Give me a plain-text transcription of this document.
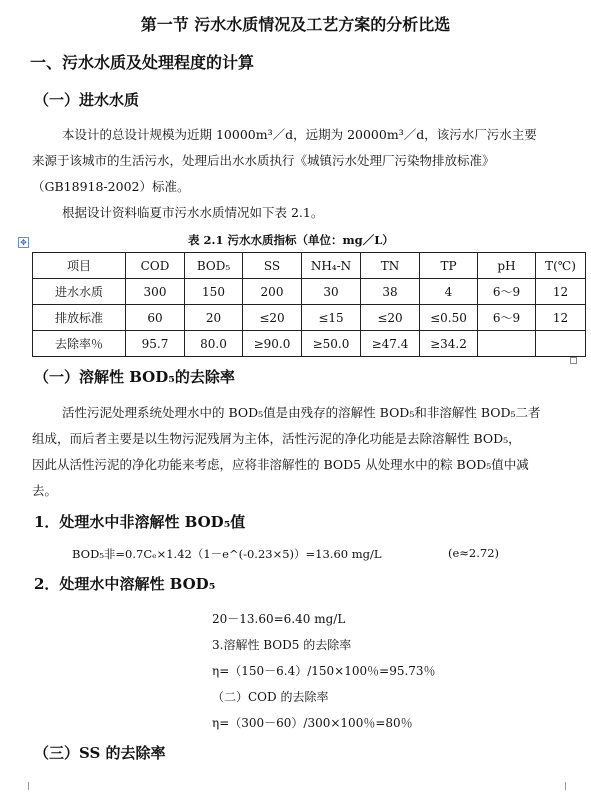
第一节 污水水质情况及工艺方案的分析比选
一、污水水质及处理程度的计算
（一）进水水质
本设计的总设计规模为近期 10000m³／d，远期为 20000m³／d，该污水厂污水主要
来源于该城市的生活污水，处理后出水水质执行《城镇污水处理厂污染物排放标准》
（GB18918-2002）标准。
根据设计资料临夏市污水水质情况如下表 2.1。
✥	表 2.1 污水水质指标（单位：mg／L）
项目	COD	BOD₅	SS	NH₄-N	TN	TP	pH	T(℃)
进水水质	300	150	200	30	38	4	6～9	12
排放标准	60	20	≤20	≤15	≤20	≤0.50	6～9	12
去除率％	95.7	80.0	≥90.0	≥50.0	≥47.4	≥34.2		
（一）溶解性 BOD₅的去除率
活性污泥处理系统处理水中的 BOD₅值是由残存的溶解性 BOD₅和非溶解性 BOD₅二者
组成，而后者主要是以生物污泥残屑为主体，活性污泥的净化功能是去除溶解性 BOD₅，
因此从活性污泥的净化功能来考虑，应将非溶解性的 BOD5 从处理水中的粽 BOD₅值中减
去。
1．处理水中非溶解性 BOD₅值
BOD₅非=0.7Cₑ×1.42（1－e^(-0.23×5)）=13.60 mg/L	(e≈2.72)
2．处理水中溶解性 BOD₅
20－13.60=6.40 mg/L
3.溶解性 BOD5 的去除率
η=（150－6.4）/150×100％=95.73％
（二）COD 的去除率
η=（300－60）/300×100％=80％
（三）SS 的去除率
